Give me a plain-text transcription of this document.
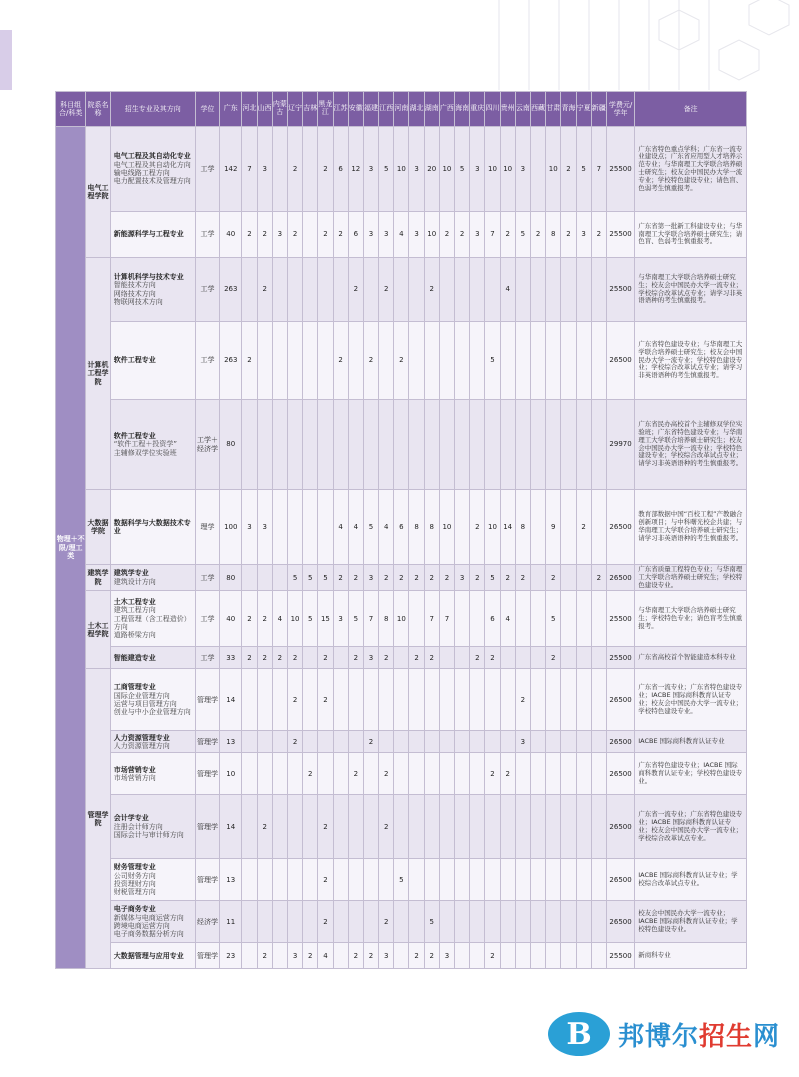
科目组合/科类	院系名称	招生专业及其方向	学位	广东	河北	山西	内蒙古	辽宁	吉林	黑龙江	江苏	安徽	福建	江西	河南	湖北	湖南	广西	海南	重庆	四川	贵州	云南	西藏	甘肃	青海	宁夏	新疆	学费元/学年	备注
物理＋不限/理工类	电气工程学院	电气工程及其自动化专业
电气工程及其自动化方向
输电线路工程方向
电力配置技术及管理方向	工学	142	7	3		2		2	6	12	3	5	10	3	20	10	5	3	10	10	3		10	2	5	7	25500	广东省特色重点学科；广东省一流专业建设点；广东省应用型人才培养示范专业；与华南理工大学联合培养硕士研究生；校友会中国民办大学一流专业；学校特色建设专业；请色盲、色弱考生慎重报考。

		新能源科学与工程专业	工学	40	2	2	3	2		2	2	6	3	3	4	3	10	2	2	3	7	2	5	2	8	2	3	2	25500	广东省第一批新工科建设专业；与华南理工大学联合培养硕士研究生；请色盲、色弱考生慎重报考。
	计算机工程学院	计算机科学与技术专业
智能技术方向
网络技术方向
物联网技术方向	工学	263		2						2		2			2					4							25500	与华南理工大学联合培养硕士研究生；校友会中国民办大学一流专业；学校综合改革试点专业；请学习非英语语种的考生慎重报考。

		软件工程专业	工学	263	2						2		2		2						5								26500	广东省特色建设专业；与华南理工大学联合培养硕士研究生；校友会中国民办大学一流专业；学校特色建设专业；学校综合改革试点专业；请学习非英语语种的考生慎重报考。

		软件工程专业
“软件工程＋投资学”
主辅修双学位实验班	工学＋经济学	80																									29970	广东省民办高校首个主辅修双学位实验班；广东省特色建设专业；与华南理工大学联合培养硕士研究生；校友会中国民办大学一流专业；学校特色建设专业；学校综合改革试点专业；请学习非英语语种的考生慎重报考。
	大数据学院	数据科学与大数据技术专业	理学	100	3	3					4	4	5	4	6	8	8	10		2	10	14	8		9		2		26500	教育部数据中国“百校工程”产教融合创新项目；与中科曙光校企共建；与华南理工大学联合培养硕士研究生；请学习非英语语种的考生慎重报考。
	建筑学院	建筑学专业
建筑设计方向	工学	80				5	5	5	2	2	3	2	2	2	2	2	3	2	5	2	2		2			2	26500	广东省质量工程特色专业；与华南理工大学联合培养硕士研究生；学校特色建设专业。
	土木工程学院	土木工程专业
建筑工程方向
工程管理（含工程造价）方向
道路桥梁方向	工学	40	2	2	4	10	5	15	3	5	7	8	10		7	7			6	4			5				25500	与华南理工大学联合培养硕士研究生；学校特色专业；请色盲考生慎重报考。

		智能建造专业	工学	33	2	2	2	2		2		2	3	2		2	2			2	2				2				25500	广东省高校首个智能建造本科专业
	管理学院	工商管理专业
国际企业管理方向
运营与项目管理方向
创业与中小企业管理方向	管理学	14				2		2													2						26500	广东省一流专业；广东省特色建设专业；IACBE 国际商科教育认证专业；校友会中国民办大学一流专业；学校特色建设专业。

		人力资源管理专业
人力资源管理方向	管理学	13				2					2										3						26500	IACBE 国际商科教育认证专业

		市场营销专业
市场营销方向	管理学	10					2			2		2							2	2							26500	广东省特色建设专业；IACBE 国际商科教育认证专业；学校特色建设专业。

		会计学专业
注册会计师方向
国际会计与审计师方向	管理学	14		2				2				2															26500	广东省一流专业；广东省特色建设专业；IACBE 国际商科教育认证专业；校友会中国民办大学一流专业；学校综合改革试点专业。

		财务管理专业
公司财务方向
投资理财方向
财税管理方向	管理学	13						2					5														26500	IACBE 国际商科教育认证专业；学校综合改革试点专业。

		电子商务专业
新媒体与电商运营方向
跨境电商运营方向
电子商务数据分析方向	经济学	11						2				2			5												26500	校友会中国民办大学一流专业；IACBE 国际商科教育认证专业；学校特色建设专业。

		大数据管理与应用专业	管理学	23		2		3	2	4		2	2	3		2	2	3			2								25500	新商科专业
B	邦博尔招生网
